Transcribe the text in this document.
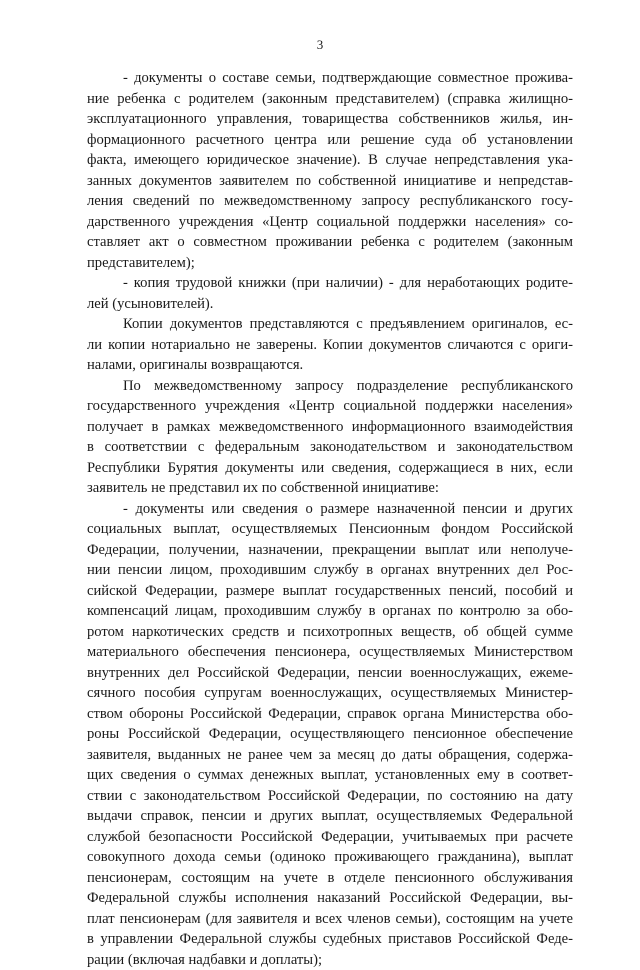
3
- документы о составе семьи, подтверждающие совместное прожива-
ние ребенка с родителем (законным представителем) (справка жилищно-
эксплуатационного управления, товарищества собственников жилья, ин-
формационного расчетного центра или решение суда об установлении
факта, имеющего юридическое значение). В случае непредставления ука-
занных документов заявителем по собственной инициативе и непредстав-
ления сведений по межведомственному запросу республиканского госу-
дарственного учреждения «Центр социальной поддержки населения» со-
ставляет акт о совместном проживании ребенка с родителем (законным
представителем);
- копия трудовой книжки (при наличии) - для неработающих родите-
лей (усыновителей).
Копии документов представляются с предъявлением оригиналов, ес-
ли копии нотариально не заверены. Копии документов сличаются с ориги-
налами, оригиналы возвращаются.
По межведомственному запросу подразделение республиканского
государственного учреждения «Центр социальной поддержки населения»
получает в рамках межведомственного информационного взаимодействия
в соответствии с федеральным законодательством и законодательством
Республики Бурятия документы или сведения, содержащиеся в них, если
заявитель не представил их по собственной инициативе:
- документы или сведения о размере назначенной пенсии и других
социальных выплат, осуществляемых Пенсионным фондом Российской
Федерации, получении, назначении, прекращении выплат или неполуче-
нии пенсии лицом, проходившим службу в органах внутренних дел Рос-
сийской Федерации, размере выплат государственных пенсий, пособий и
компенсаций лицам, проходившим службу в органах по контролю за обо-
ротом наркотических средств и психотропных веществ, об общей сумме
материального обеспечения пенсионера, осуществляемых Министерством
внутренних дел Российской Федерации, пенсии военнослужащих, ежеме-
сячного пособия супругам военнослужащих, осуществляемых Министер-
ством обороны Российской Федерации, справок органа Министерства обо-
роны Российской Федерации, осуществляющего пенсионное обеспечение
заявителя, выданных не ранее чем за месяц до даты обращения, содержа-
щих сведения о суммах денежных выплат, установленных ему в соответ-
ствии с законодательством Российской Федерации, по состоянию на дату
выдачи справок, пенсии и других выплат, осуществляемых Федеральной
службой безопасности Российской Федерации, учитываемых при расчете
совокупного дохода семьи (одиноко проживающего гражданина), выплат
пенсионерам, состоящим на учете в отделе пенсионного обслуживания
Федеральной службы исполнения наказаний Российской Федерации, вы-
плат пенсионерам (для заявителя и всех членов семьи), состоящим на учете
в управлении Федеральной службы судебных приставов Российской Феде-
рации (включая надбавки и доплаты);
